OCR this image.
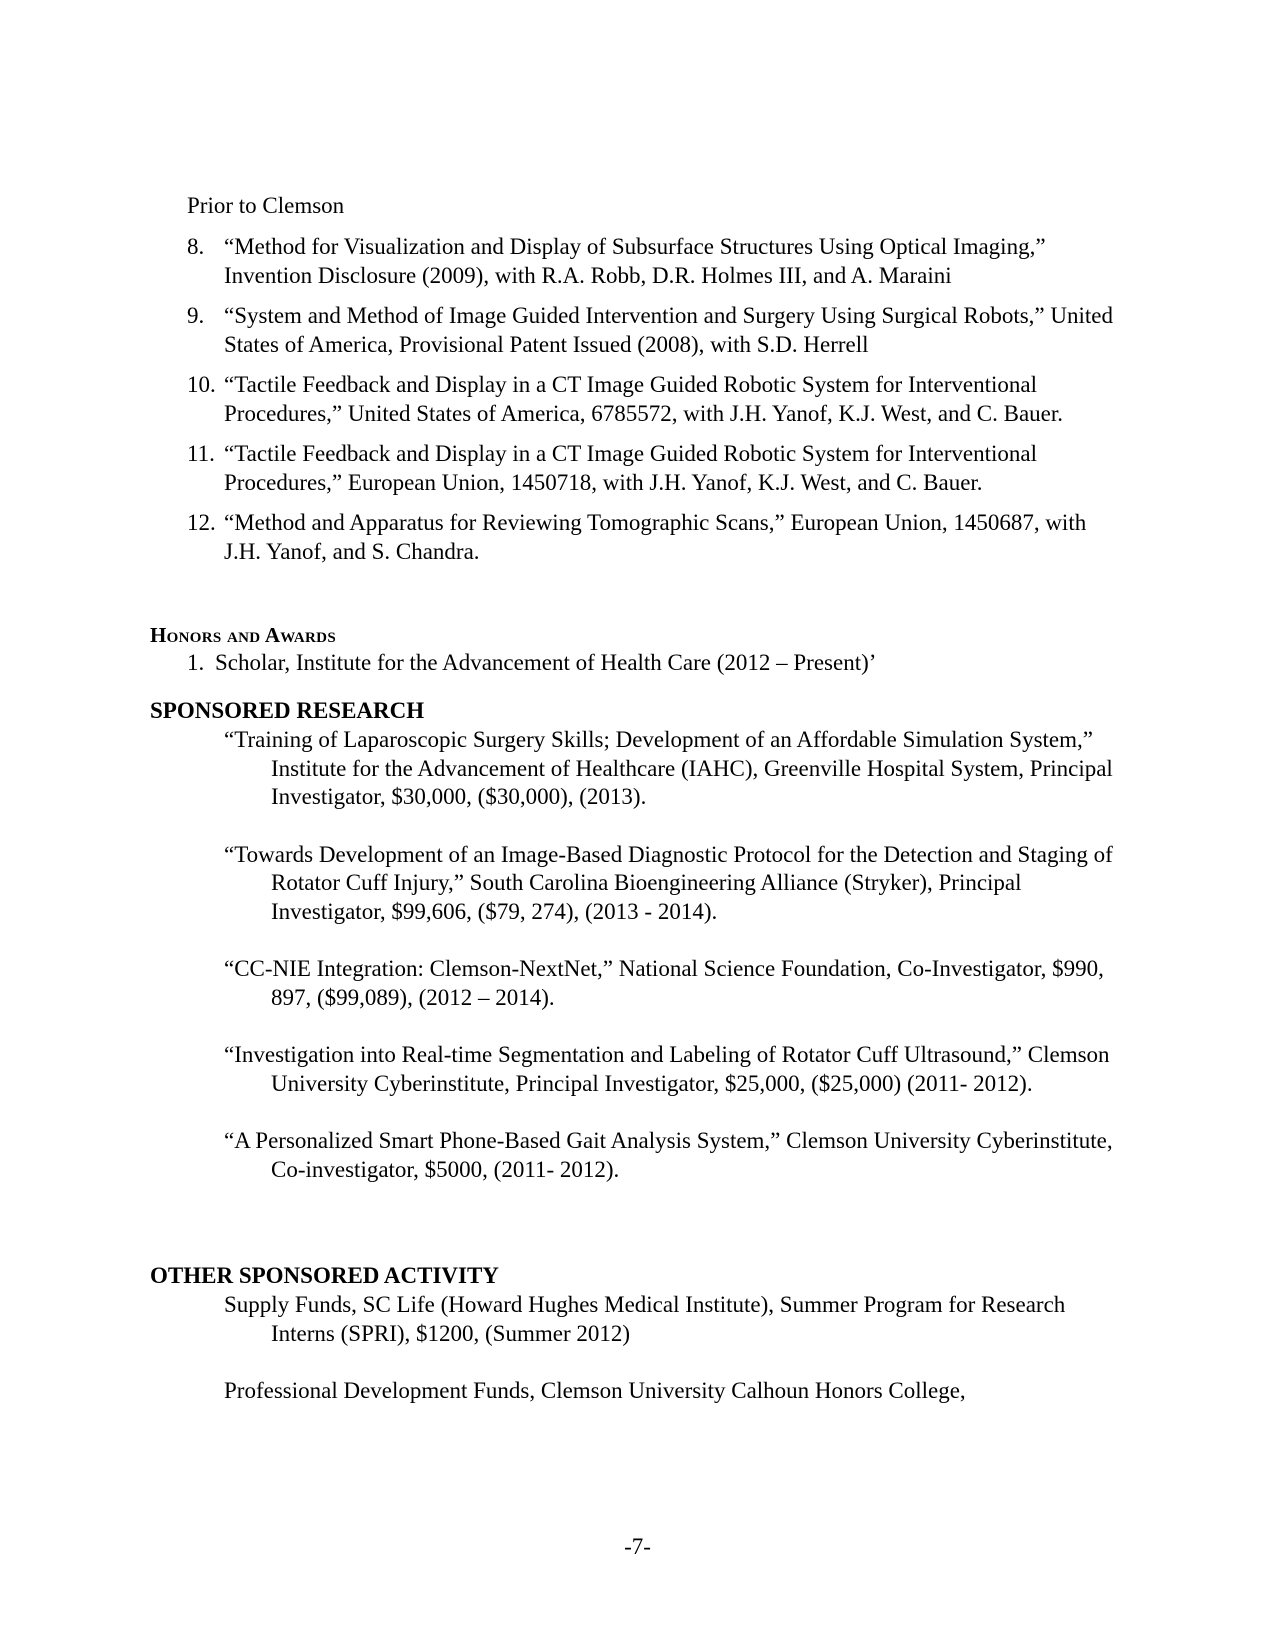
Prior to Clemson

8. “Method for Visualization and Display of Subsurface Structures Using Optical Imaging,” Invention Disclosure (2009), with R.A. Robb, D.R. Holmes III, and A. Maraini
9. “System and Method of Image Guided Intervention and Surgery Using Surgical Robots,” United States of America, Provisional Patent Issued (2008), with S.D. Herrell
10. “Tactile Feedback and Display in a CT Image Guided Robotic System for Interventional Procedures,” United States of America, 6785572, with J.H. Yanof, K.J. West, and C. Bauer.
11. “Tactile Feedback and Display in a CT Image Guided Robotic System for Interventional Procedures,” European Union, 1450718, with J.H. Yanof, K.J. West, and C. Bauer.
12. “Method and Apparatus for Reviewing Tomographic Scans,” European Union, 1450687, with J.H. Yanof, and S. Chandra.
Honors and Awards
1. Scholar, Institute for the Advancement of Health Care (2012 – Present)’
SPONSORED RESEARCH
“Training of Laparoscopic Surgery Skills; Development of an Affordable Simulation System,” Institute for the Advancement of Healthcare (IAHC), Greenville Hospital System, Principal Investigator, $30,000, ($30,000), (2013).
“Towards Development of an Image-Based Diagnostic Protocol for the Detection and Staging of Rotator Cuff Injury,” South Carolina Bioengineering Alliance (Stryker), Principal Investigator, $99,606, ($79, 274), (2013 - 2014).
“CC-NIE Integration: Clemson-NextNet,” National Science Foundation, Co-Investigator, $990, 897, ($99,089), (2012 – 2014).
“Investigation into Real-time Segmentation and Labeling of Rotator Cuff Ultrasound,” Clemson University Cyberinstitute, Principal Investigator, $25,000, ($25,000) (2011- 2012).
“A Personalized Smart Phone-Based Gait Analysis System,” Clemson University Cyberinstitute, Co-investigator, $5000, (2011- 2012).
OTHER SPONSORED ACTIVITY
Supply Funds, SC Life (Howard Hughes Medical Institute), Summer Program for Research Interns (SPRI), $1200, (Summer 2012)
Professional Development Funds, Clemson University Calhoun Honors College,

-7-
